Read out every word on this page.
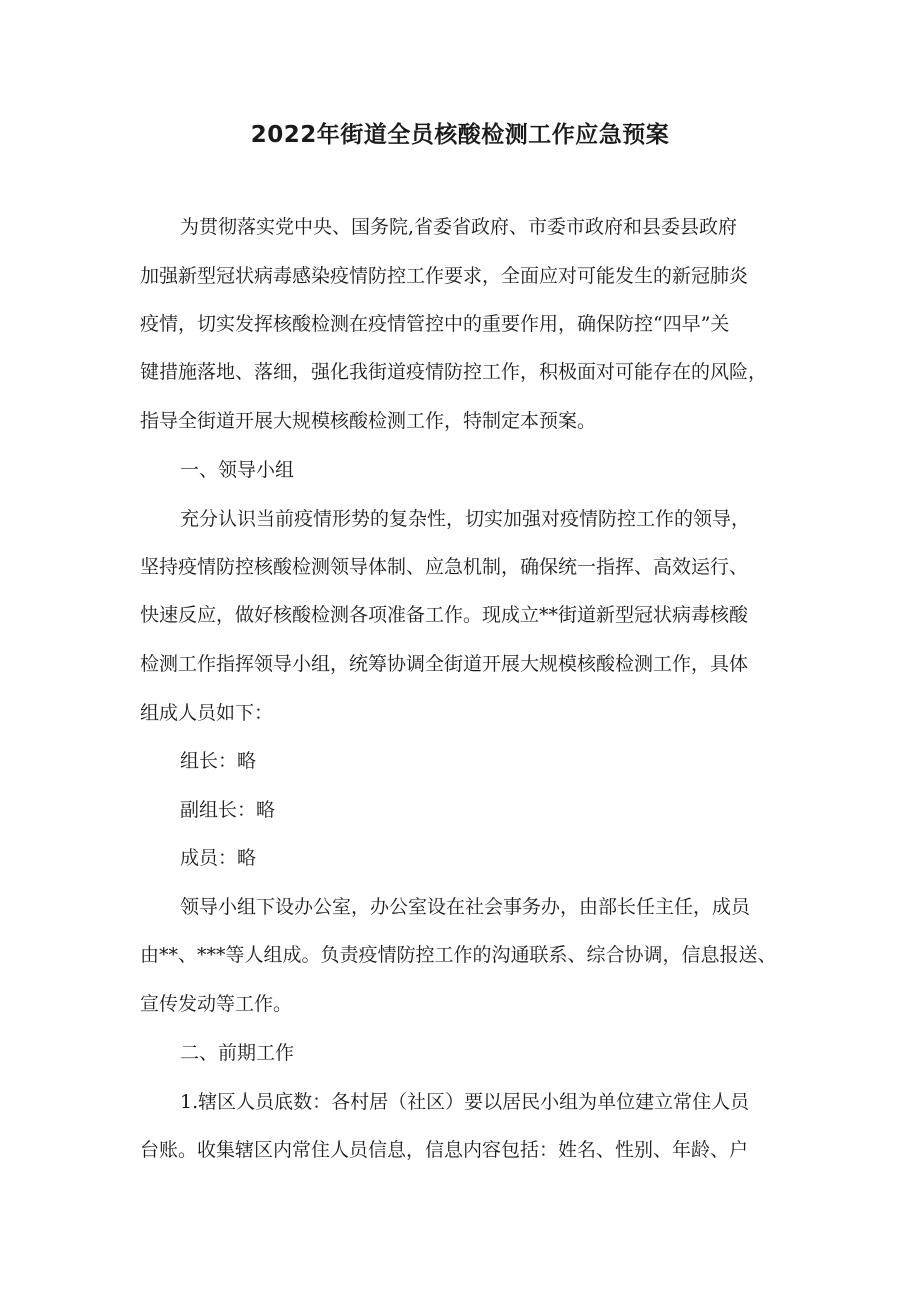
2022年街道全员核酸检测工作应急预案

为贯彻落实党中央、国务院,省委省政府、市委市政府和县委县政府

加强新型冠状病毒感染疫情防控工作要求，全面应对可能发生的新冠肺炎

疫情，切实发挥核酸检测在疫情管控中的重要作用，确保防控“四早”关

键措施落地、落细，强化我街道疫情防控工作，积极面对可能存在的风险，

指导全街道开展大规模核酸检测工作，特制定本预案。

一、领导小组

充分认识当前疫情形势的复杂性，切实加强对疫情防控工作的领导，

坚持疫情防控核酸检测领导体制、应急机制，确保统一指挥、高效运行、

快速反应，做好核酸检测各项准备工作。现成立**街道新型冠状病毒核酸

检测工作指挥领导小组，统筹协调全街道开展大规模核酸检测工作，具体

组成人员如下：

组长：略

副组长：略

成员：略

领导小组下设办公室，办公室设在社会事务办，由部长任主任，成员

由**、***等人组成。负责疫情防控工作的沟通联系、综合协调，信息报送、

宣传发动等工作。

二、前期工作

1.辖区人员底数：各村居（社区）要以居民小组为单位建立常住人员

台账。收集辖区内常住人员信息，信息内容包括：姓名、性别、年龄、户
